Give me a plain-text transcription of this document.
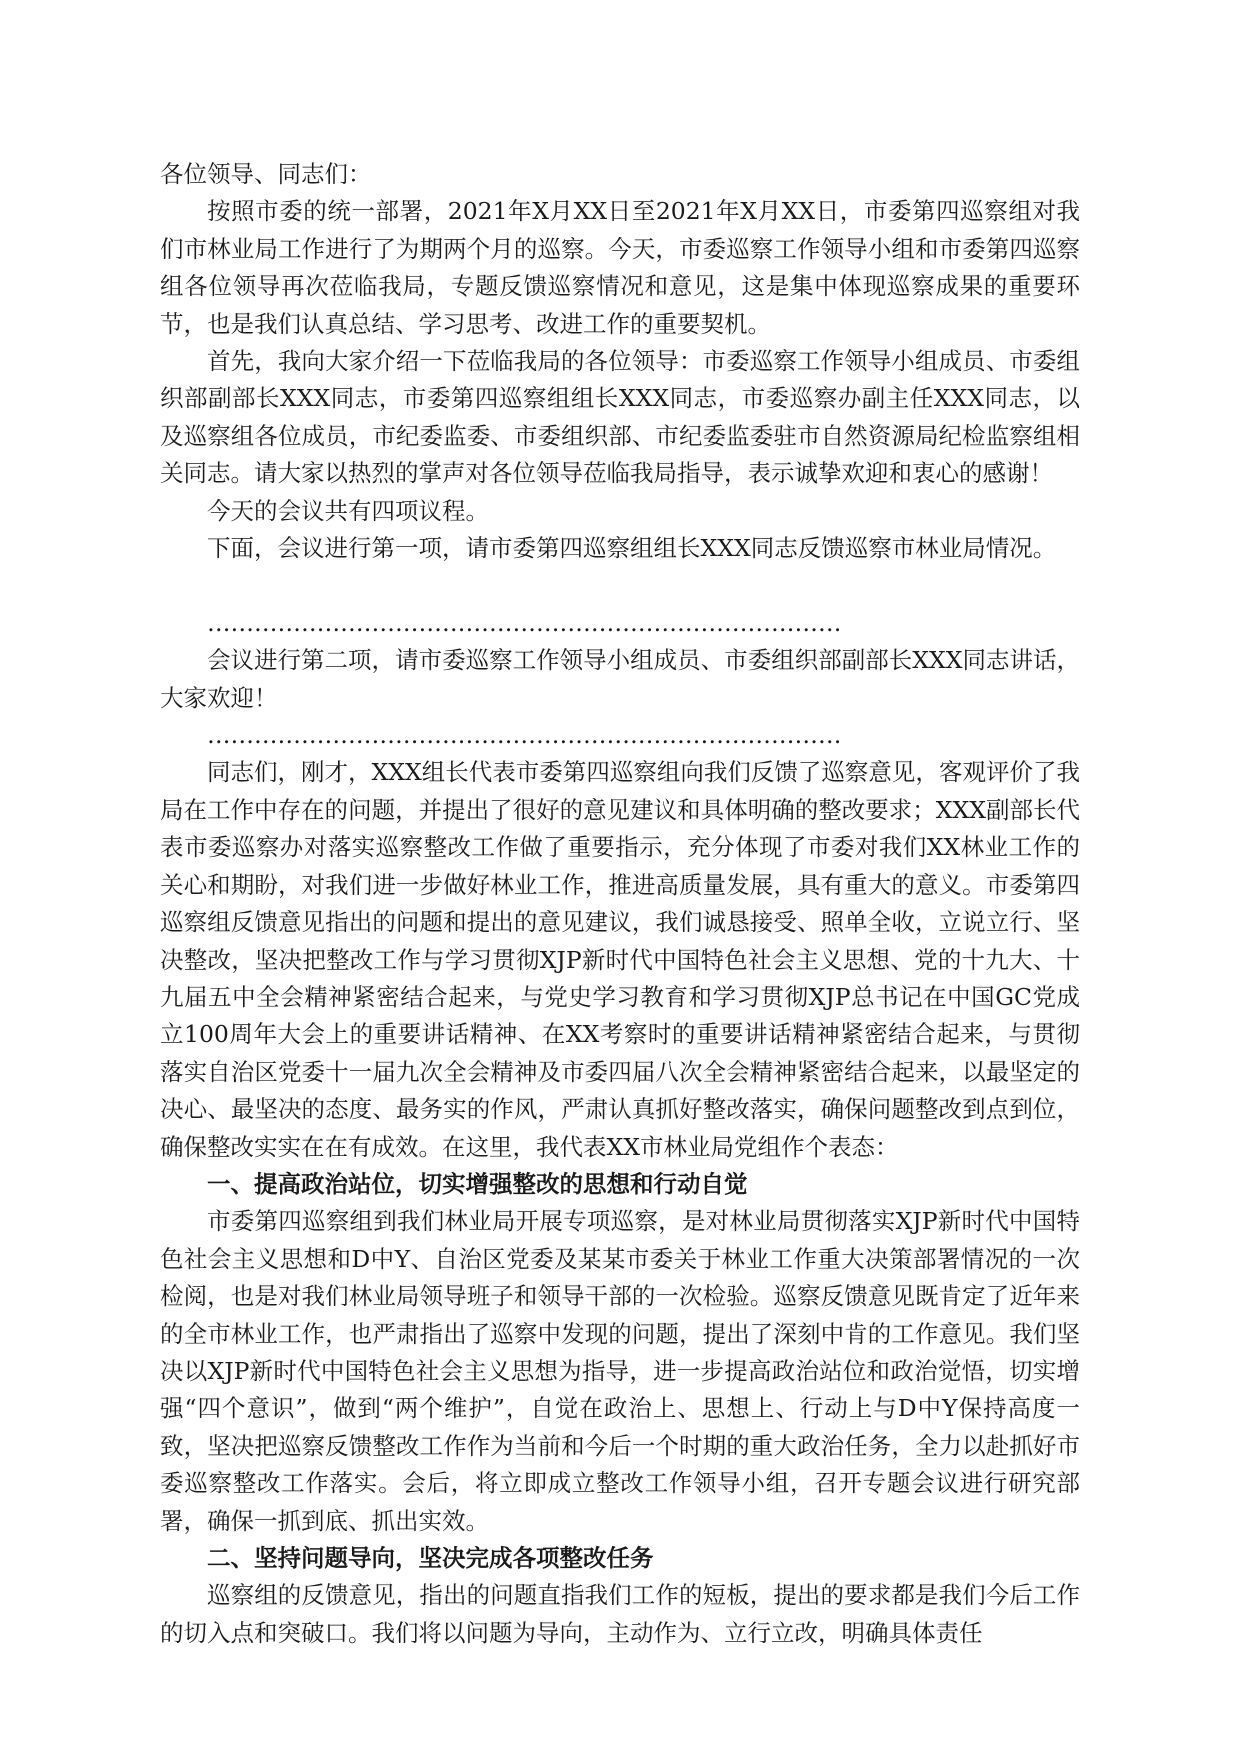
各位领导、同志们：

按照市委的统一部署，2021年X月XX日至2021年X月XX日，市委第四巡察组对我们市林业局工作进行了为期两个月的巡察。今天，市委巡察工作领导小组和市委第四巡察组各位领导再次莅临我局，专题反馈巡察情况和意见，这是集中体现巡察成果的重要环节，也是我们认真总结、学习思考、改进工作的重要契机。

首先，我向大家介绍一下莅临我局的各位领导：市委巡察工作领导小组成员、市委组织部副部长XXX同志，市委第四巡察组组长XXX同志，市委巡察办副主任XXX同志，以及巡察组各位成员，市纪委监委、市委组织部、市纪委监委驻市自然资源局纪检监察组相关同志。请大家以热烈的掌声对各位领导莅临我局指导，表示诚挚欢迎和衷心的感谢！

今天的会议共有四项议程。

下面，会议进行第一项，请市委第四巡察组组长XXX同志反馈巡察市林业局情况。

………………………………………………………………………

会议进行第二项，请市委巡察工作领导小组成员、市委组织部副部长XXX同志讲话，大家欢迎！

………………………………………………………………………

同志们，刚才，XXX组长代表市委第四巡察组向我们反馈了巡察意见，客观评价了我局在工作中存在的问题，并提出了很好的意见建议和具体明确的整改要求；XXX副部长代表市委巡察办对落实巡察整改工作做了重要指示，充分体现了市委对我们XX林业工作的关心和期盼，对我们进一步做好林业工作，推进高质量发展，具有重大的意义。市委第四巡察组反馈意见指出的问题和提出的意见建议，我们诚恳接受、照单全收，立说立行、坚决整改，坚决把整改工作与学习贯彻XJP新时代中国特色社会主义思想、党的十九大、十九届五中全会精神紧密结合起来，与党史学习教育和学习贯彻XJP总书记在中国GC党成立100周年大会上的重要讲话精神、在XX考察时的重要讲话精神紧密结合起来，与贯彻落实自治区党委十一届九次全会精神及市委四届八次全会精神紧密结合起来，以最坚定的决心、最坚决的态度、最务实的作风，严肃认真抓好整改落实，确保问题整改到点到位，确保整改实实在在有成效。在这里，我代表XX市林业局党组作个表态：

一、提高政治站位，切实增强整改的思想和行动自觉

市委第四巡察组到我们林业局开展专项巡察，是对林业局贯彻落实XJP新时代中国特色社会主义思想和D中Y、自治区党委及某某市委关于林业工作重大决策部署情况的一次检阅，也是对我们林业局领导班子和领导干部的一次检验。巡察反馈意见既肯定了近年来的全市林业工作，也严肃指出了巡察中发现的问题，提出了深刻中肯的工作意见。我们坚决以XJP新时代中国特色社会主义思想为指导，进一步提高政治站位和政治觉悟，切实增强“四个意识”，做到“两个维护”，自觉在政治上、思想上、行动上与D中Y保持高度一致，坚决把巡察反馈整改工作作为当前和今后一个时期的重大政治任务，全力以赴抓好市委巡察整改工作落实。会后，将立即成立整改工作领导小组，召开专题会议进行研究部署，确保一抓到底、抓出实效。

二、坚持问题导向，坚决完成各项整改任务

巡察组的反馈意见，指出的问题直指我们工作的短板，提出的要求都是我们今后工作的切入点和突破口。我们将以问题为导向，主动作为、立行立改，明确具体责任
